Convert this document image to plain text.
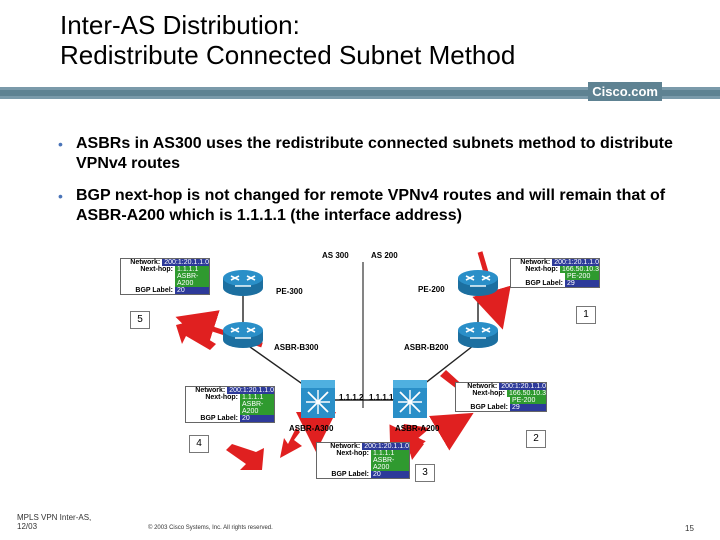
Inter-AS Distribution:
Redistribute Connected Subnet Method
Cisco.com
• ASBRs in AS300 uses the redistribute connected subnets method to distribute VPNv4 routes
• BGP next-hop is not changed for remote VPNv4 routes and will remain that of ASBR-A200 which is 1.1.1.1 (the interface address)
AS 300	AS 200
PE-300	PE-200
ASBR-B300	ASBR-B200
ASBR-A300	ASBR-A200
1.1.1.2 1.1.1.1
Network: 200:1:20.1.1.0
Next-hop: 1.1.1.1
ASBR-A200
BGP Label: 20
Network: 200:1:20.1.1.0
Next-hop: 166.50.10.3
PE-200
BGP Label: 29
Network: 200:1:20.1.1.0
Next-hop: 1.1.1.1
ASBR-A200
BGP Label: 20
Network: 200:1:20.1.1.0
Next-hop: 166.50.10.3
PE-200
BGP Label: 29
Network: 200:1:20.1.1.0
Next-hop: 1.1.1.1
ASBR-A200
BGP Label: 20
5	1
2
3
4
MPLS VPN Inter-AS,
12/03	© 2003 Cisco Systems, Inc. All rights reserved.	15
